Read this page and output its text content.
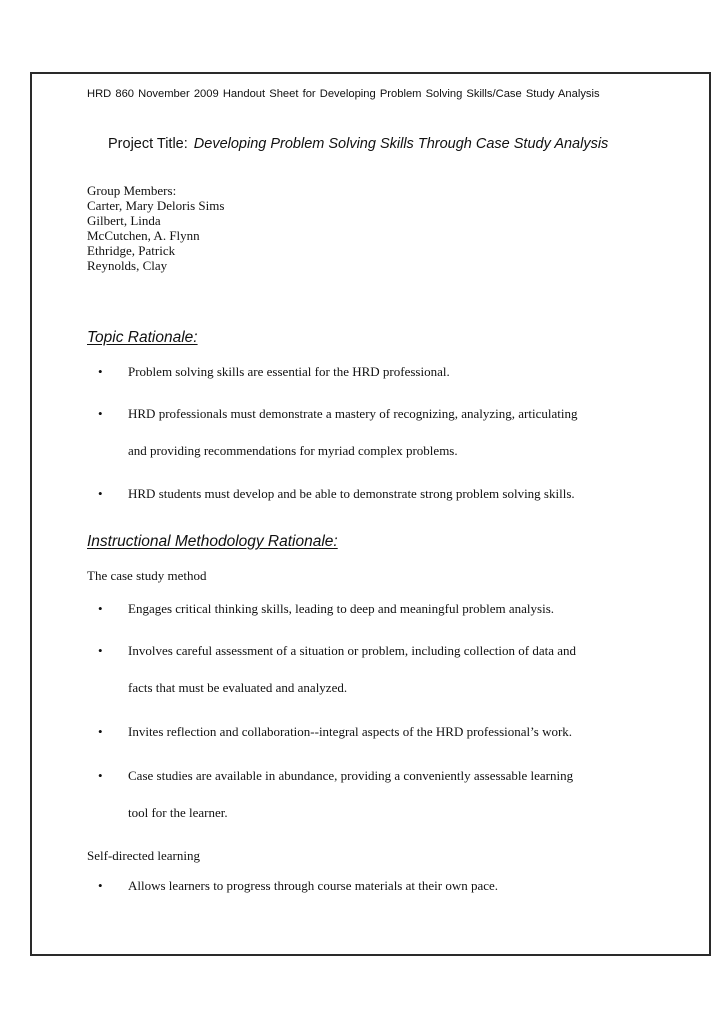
HRD 860 November 2009 Handout Sheet for Developing Problem Solving Skills/Case Study Analysis
Project Title: Developing Problem Solving Skills Through Case Study Analysis
Group Members:
Carter, Mary Deloris Sims
Gilbert, Linda
McCutchen, A. Flynn
Ethridge, Patrick
Reynolds, Clay
Topic Rationale:
• Problem solving skills are essential for the HRD professional.
• HRD professionals must demonstrate a mastery of recognizing, analyzing, articulating
and providing recommendations for myriad complex problems.
• HRD students must develop and be able to demonstrate strong problem solving skills.
Instructional Methodology Rationale:
The case study method
• Engages critical thinking skills, leading to deep and meaningful problem analysis.
• Involves careful assessment of a situation or problem, including collection of data and
facts that must be evaluated and analyzed.
• Invites reflection and collaboration--integral aspects of the HRD professional’s work.
• Case studies are available in abundance, providing a conveniently assessable learning
tool for the learner.
Self-directed learning
• Allows learners to progress through course materials at their own pace.
